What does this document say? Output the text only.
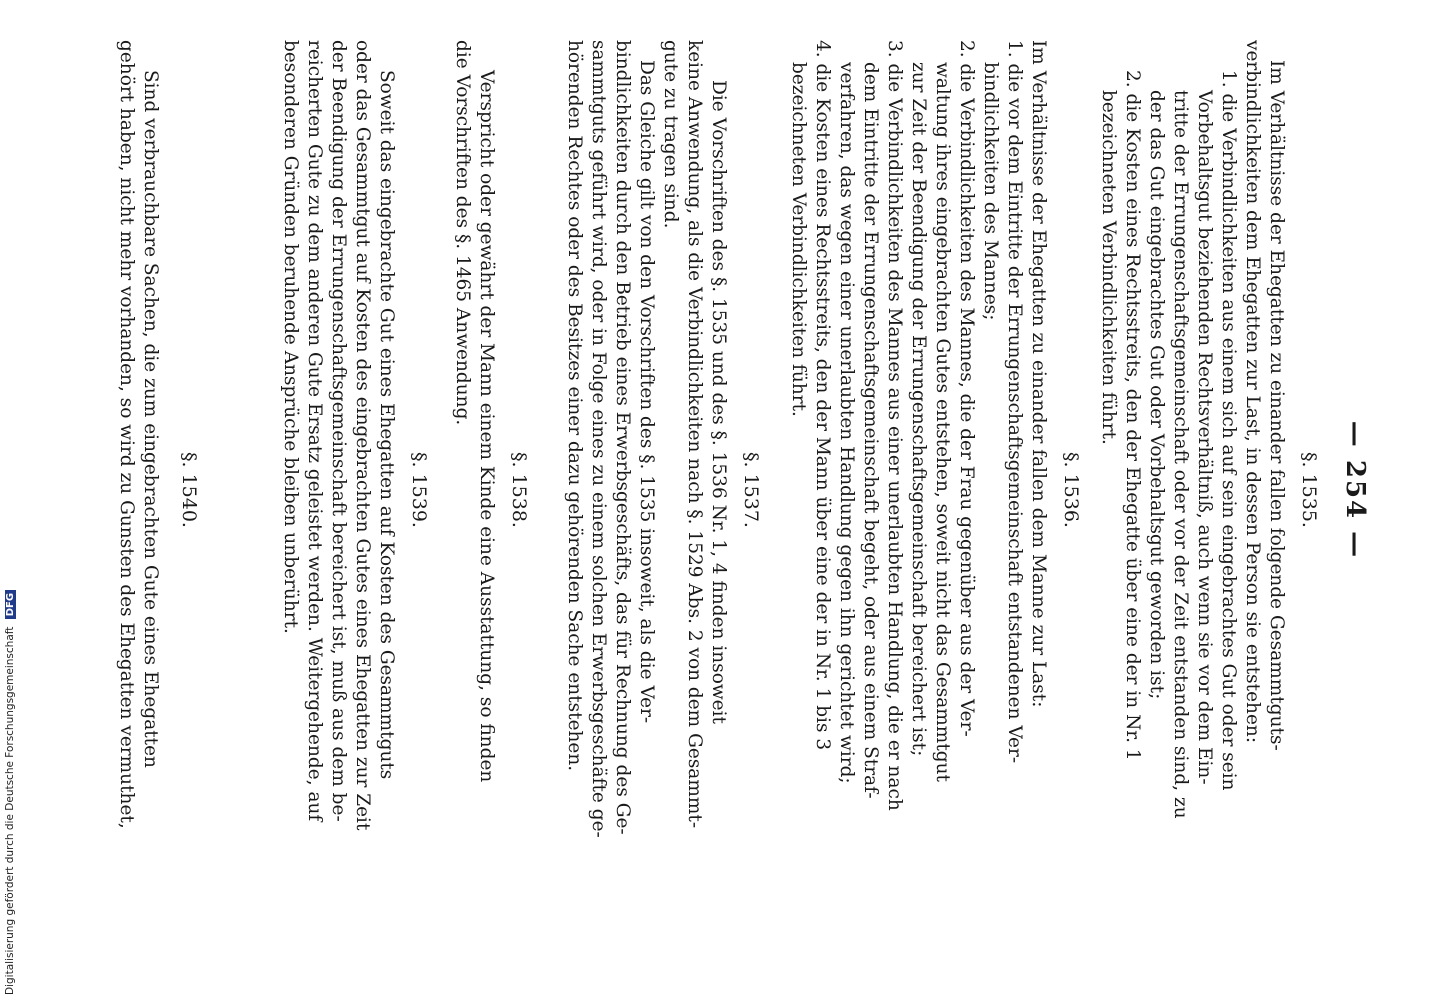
— 254 —
§. 1535.
Im Verhältnisse der Ehegatten zu einander fallen folgende Gesammtguts-
verbindlichkeiten dem Ehegatten zur Last, in dessen Person sie entstehen:
1. die Verbindlichkeiten aus einem sich auf sein eingebrachtes Gut oder sein
Vorbehaltsgut beziehenden Rechtsverhältniß, auch wenn sie vor dem Ein-
tritte der Errungenschaftsgemeinschaft oder vor der Zeit entstanden sind, zu
der das Gut eingebrachtes Gut oder Vorbehaltsgut geworden ist;
2. die Kosten eines Rechtsstreits, den der Ehegatte über eine der in Nr. 1
bezeichneten Verbindlichkeiten führt.
§. 1536.
Im Verhältnisse der Ehegatten zu einander fallen dem Manne zur Last:
1. die vor dem Eintritte der Errungenschaftsgemeinschaft entstandenen Ver-
bindlichkeiten des Mannes;
2. die Verbindlichkeiten des Mannes, die der Frau gegenüber aus der Ver-
waltung ihres eingebrachten Gutes entstehen, soweit nicht das Gesammtgut
zur Zeit der Beendigung der Errungenschaftsgemeinschaft bereichert ist;
3. die Verbindlichkeiten des Mannes aus einer unerlaubten Handlung, die er nach
dem Eintritte der Errungenschaftsgemeinschaft begeht, oder aus einem Straf-
verfahren, das wegen einer unerlaubten Handlung gegen ihn gerichtet wird;
4. die Kosten eines Rechtsstreits, den der Mann über eine der in Nr. 1 bis 3
bezeichneten Verbindlichkeiten führt.
§. 1537.
Die Vorschriften des §. 1535 und des §. 1536 Nr. 1, 4 finden insoweit
keine Anwendung, als die Verbindlichkeiten nach §. 1529 Abs. 2 von dem Gesammt-
gute zu tragen sind.
Das Gleiche gilt von den Vorschriften des §. 1535 insoweit, als die Ver-
bindlichkeiten durch den Betrieb eines Erwerbsgeschäfts, das für Rechnung des Ge-
sammtguts geführt wird, oder in Folge eines zu einem solchen Erwerbsgeschäfte ge-
hörenden Rechtes oder des Besitzes einer dazu gehörenden Sache entstehen.
§. 1538.
Verspricht oder gewährt der Mann einem Kinde eine Ausstattung, so finden
die Vorschriften des §. 1465 Anwendung.
§. 1539.
Soweit das eingebrachte Gut eines Ehegatten auf Kosten des Gesammtguts
oder das Gesammtgut auf Kosten des eingebrachten Gutes eines Ehegatten zur Zeit
der Beendigung der Errungenschaftsgemeinschaft bereichert ist, muß aus dem be-
reicherten Gute zu dem anderen Gute Ersatz geleistet werden. Weitergehende, auf
besonderen Gründen beruhende Ansprüche bleiben unberührt.
§. 1540.
Sind verbrauchbare Sachen, die zum eingebrachten Gute eines Ehegatten
gehört haben, nicht mehr vorhanden, so wird zu Gunsten des Ehegatten vermuthet,
Digitalisierung gefördert durch die Deutsche Forschungsgemeinschaft DFG
